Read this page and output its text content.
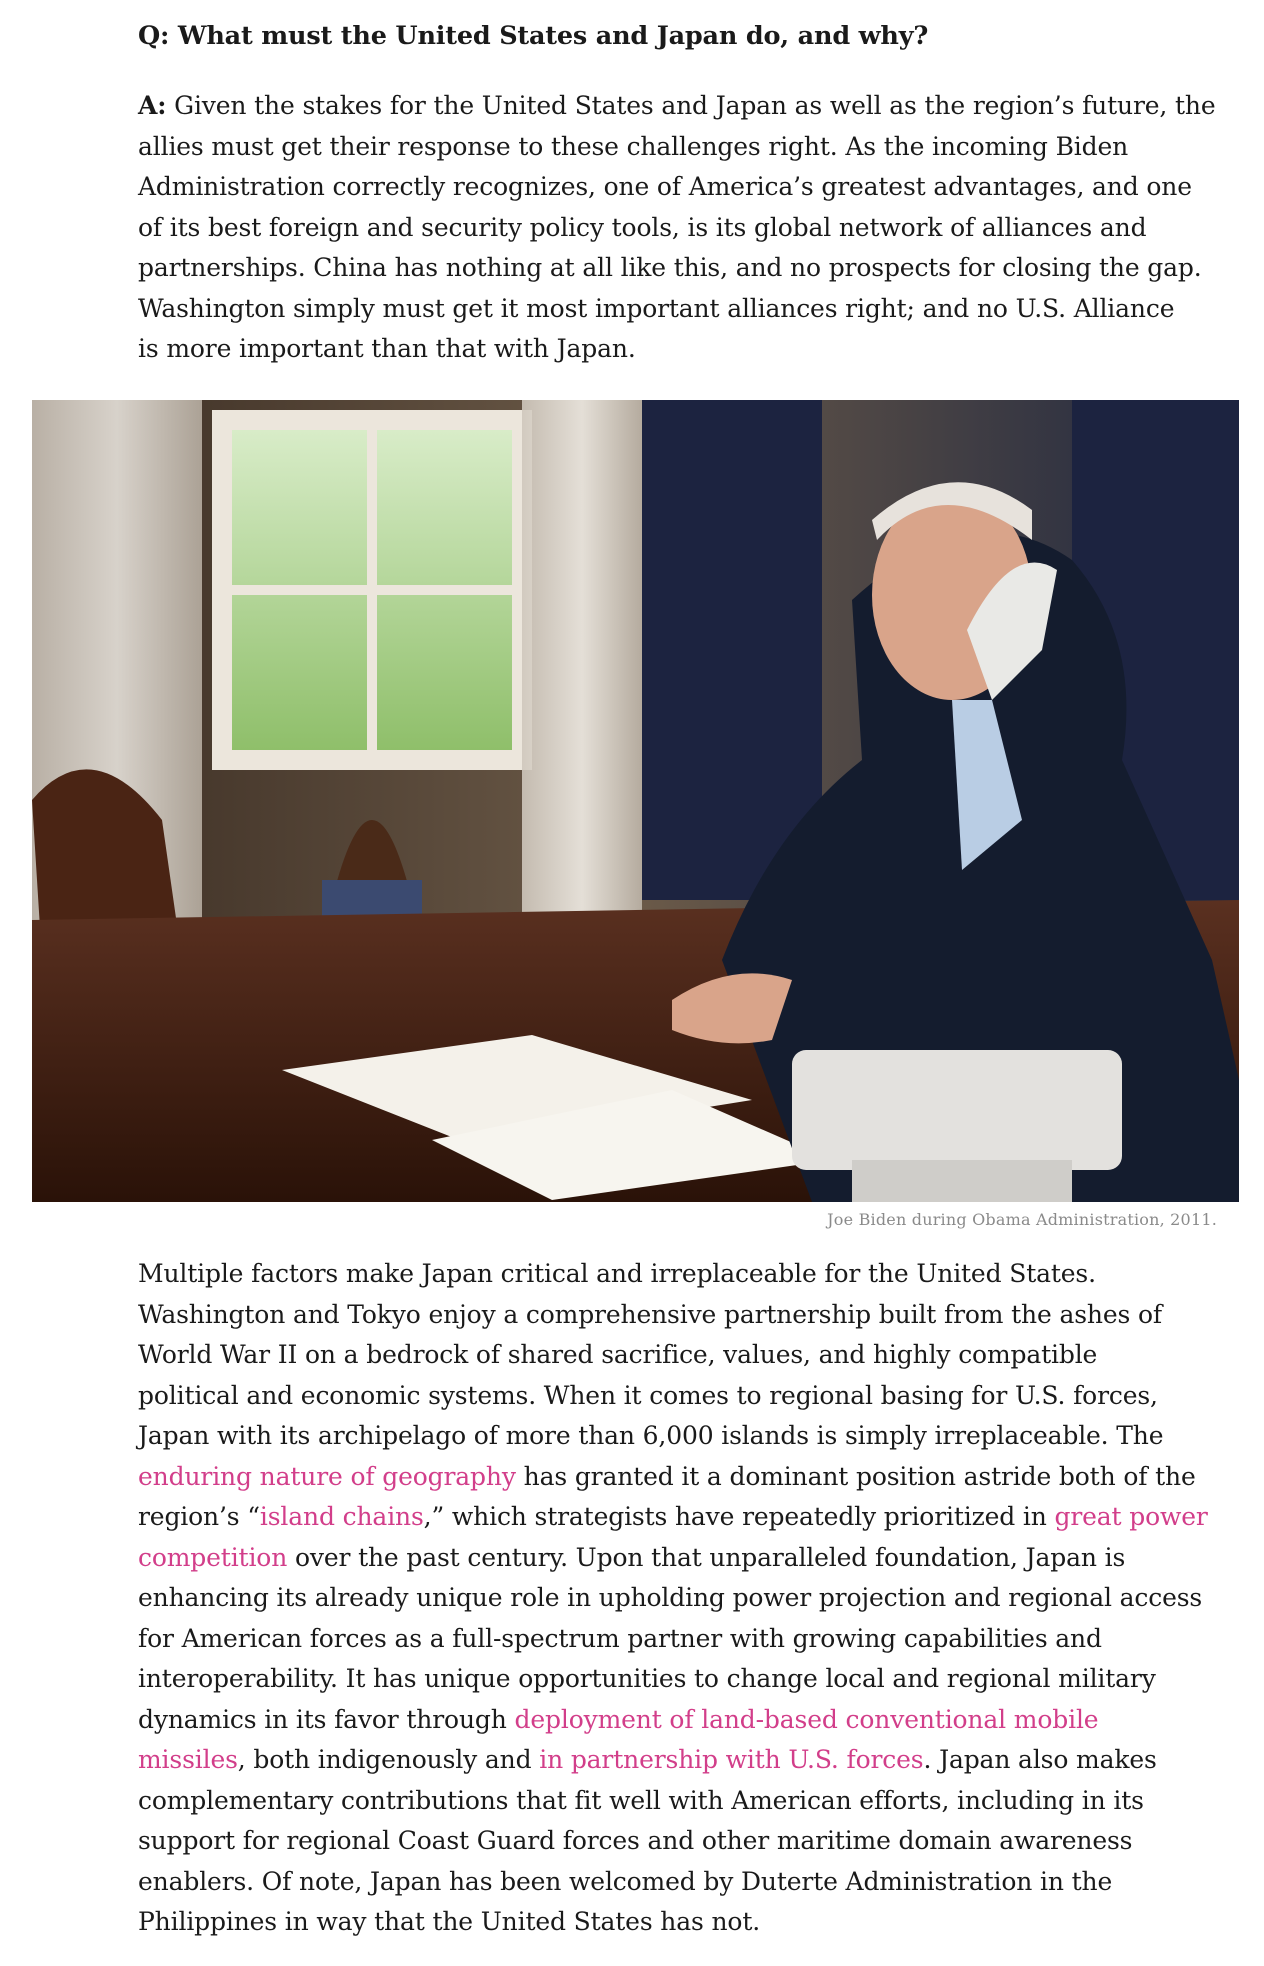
Q: What must the United States and Japan do, and why?
A: Given the stakes for the United States and Japan as well as the region’s future, the
allies must get their response to these challenges right. As the incoming Biden
Administration correctly recognizes, one of America’s greatest advantages, and one
of its best foreign and security policy tools, is its global network of alliances and
partnerships. China has nothing at all like this, and no prospects for closing the gap.
Washington simply must get it most important alliances right; and no U.S. Alliance
is more important than that with Japan.
Joe Biden during Obama Administration, 2011.
Multiple factors make Japan critical and irreplaceable for the United States.
Washington and Tokyo enjoy a comprehensive partnership built from the ashes of
World War II on a bedrock of shared sacrifice, values, and highly compatible
political and economic systems. When it comes to regional basing for U.S. forces,
Japan with its archipelago of more than 6,000 islands is simply irreplaceable. The
enduring nature of geography has granted it a dominant position astride both of the
region’s “island chains,” which strategists have repeatedly prioritized in great power
competition over the past century. Upon that unparalleled foundation, Japan is
enhancing its already unique role in upholding power projection and regional access
for American forces as a full-spectrum partner with growing capabilities and
interoperability. It has unique opportunities to change local and regional military
dynamics in its favor through deployment of land-based conventional mobile
missiles, both indigenously and in partnership with U.S. forces. Japan also makes
complementary contributions that fit well with American efforts, including in its
support for regional Coast Guard forces and other maritime domain awareness
enablers. Of note, Japan has been welcomed by Duterte Administration in the
Philippines in way that the United States has not.
